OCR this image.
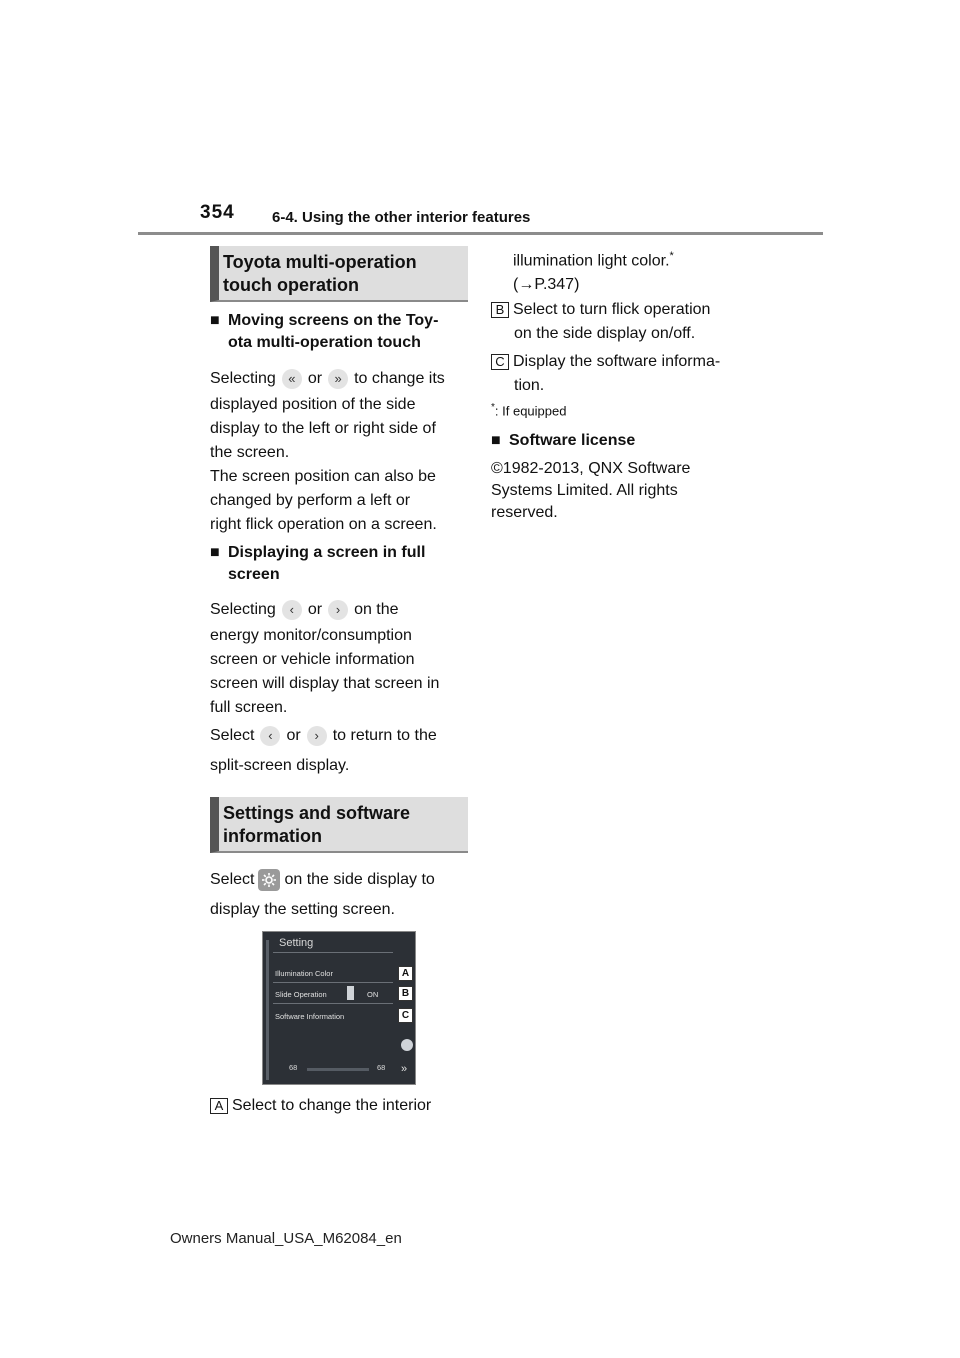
354 6-4. Using the other interior features
Toyota multi-operation
touch operation
■ Moving screens on the Toy-
ota multi-operation touch
Selecting « or » to change its
displayed position of the side
display to the left or right side of
the screen.
The screen position can also be
changed by perform a left or
right flick operation on a screen.
■ Displaying a screen in full
screen
Selecting ‹ or › on the
energy monitor/consumption
screen or vehicle information
screen will display that screen in
full screen.
Select ‹ or › to return to the
split-screen display.
Settings and software
information
Select on the side display to
display the setting screen.
Setting
Illumination Color
Slide Operation	ON
Software Information
A
B
C
»
68	68
A Select to change the interior
illumination light color.*
(→P.347)
B Select to turn flick operation
on the side display on/off.
C Display the software informa-
tion.
*: If equipped
■ Software license
©1982-2013, QNX Software
Systems Limited. All rights
reserved.
Owners Manual_USA_M62084_en
